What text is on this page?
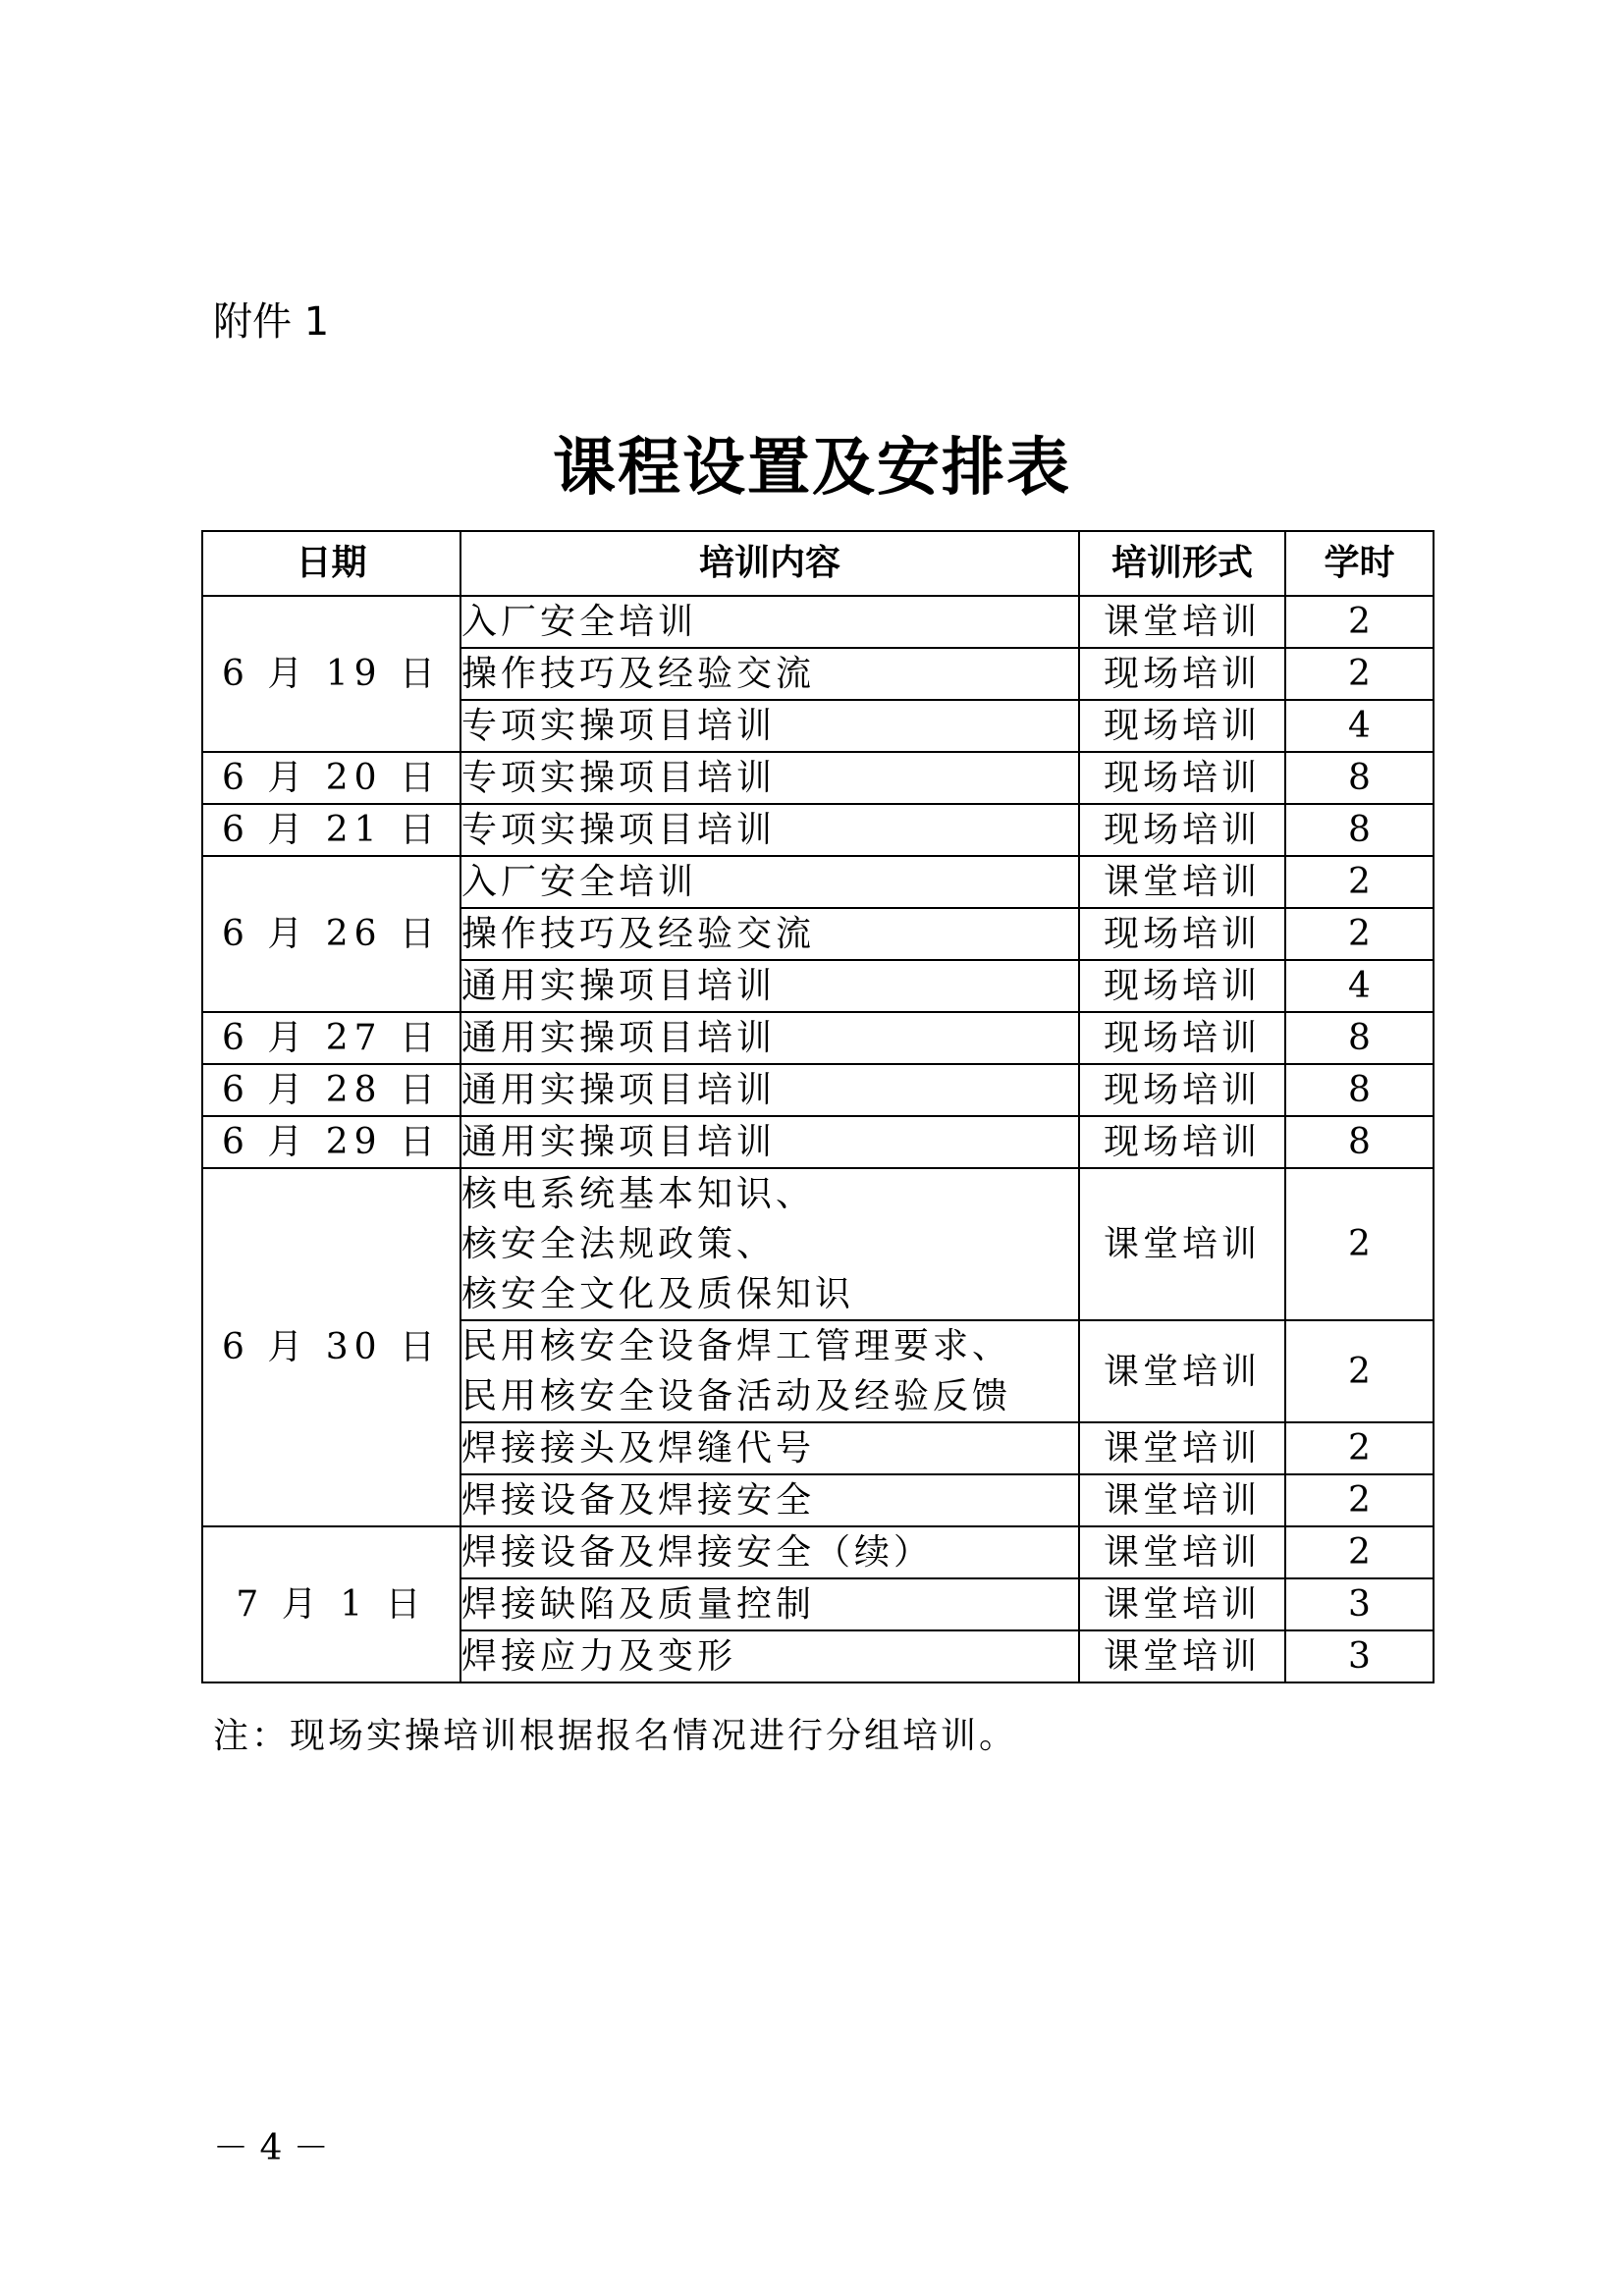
附件 1
课程设置及安排表
日期	培训内容	培训形式	学时
6 月 19 日	入厂安全培训	课堂培训	2

	操作技巧及经验交流	现场培训	2

	专项实操项目培训	现场培训	4
6 月 20 日	专项实操项目培训	现场培训	8
6 月 21 日	专项实操项目培训	现场培训	8
6 月 26 日	入厂安全培训	课堂培训	2

	操作技巧及经验交流	现场培训	2

	通用实操项目培训	现场培训	4
6 月 27 日	通用实操项目培训	现场培训	8
6 月 28 日	通用实操项目培训	现场培训	8
6 月 29 日	通用实操项目培训	现场培训	8
6 月 30 日	核电系统基本知识、
核安全法规政策、
核安全文化及质保知识	课堂培训	2

	民用核安全设备焊工管理要求、
民用核安全设备活动及经验反馈	课堂培训	2

	焊接接头及焊缝代号	课堂培训	2

	焊接设备及焊接安全	课堂培训	2
7 月 1 日	焊接设备及焊接安全（续）	课堂培训	2

	焊接缺陷及质量控制	课堂培训	3

	焊接应力及变形	课堂培训	3
注：现场实操培训根据报名情况进行分组培训。
－ 4 －
